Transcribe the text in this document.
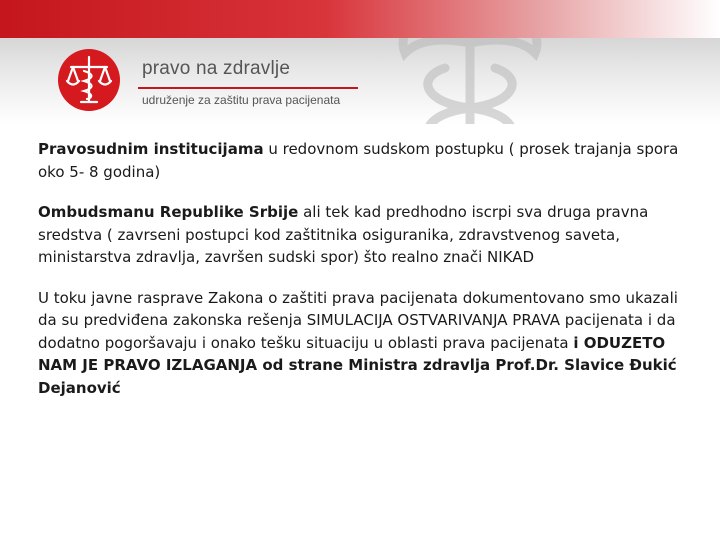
pravo na zdravlje
udruženje za zaštitu prava pacijenata

Pravosudnim institucijama u redovnom sudskom postupku ( prosek trajanja spora oko 5- 8 godina)

Ombudsmanu Republike Srbije ali tek kad predhodno iscrpi sva druga pravna sredstva ( zavrseni postupci kod zaštitnika osiguranika, zdravstvenog saveta, ministarstva zdravlja, završen sudski spor) što realno znači NIKAD

U toku javne rasprave Zakona o zaštiti prava pacijenata dokumentovano smo ukazali da su predviđena zakonska rešenja SIMULACIJA OSTVARIVANJA PRAVA pacijenata i da dodatno pogoršavaju i onako tešku situaciju u oblasti prava pacijenata i ODUZETO NAM JE PRAVO IZLAGANJA od strane Ministra zdravlja Prof.Dr. Slavice Đukić Dejanović
